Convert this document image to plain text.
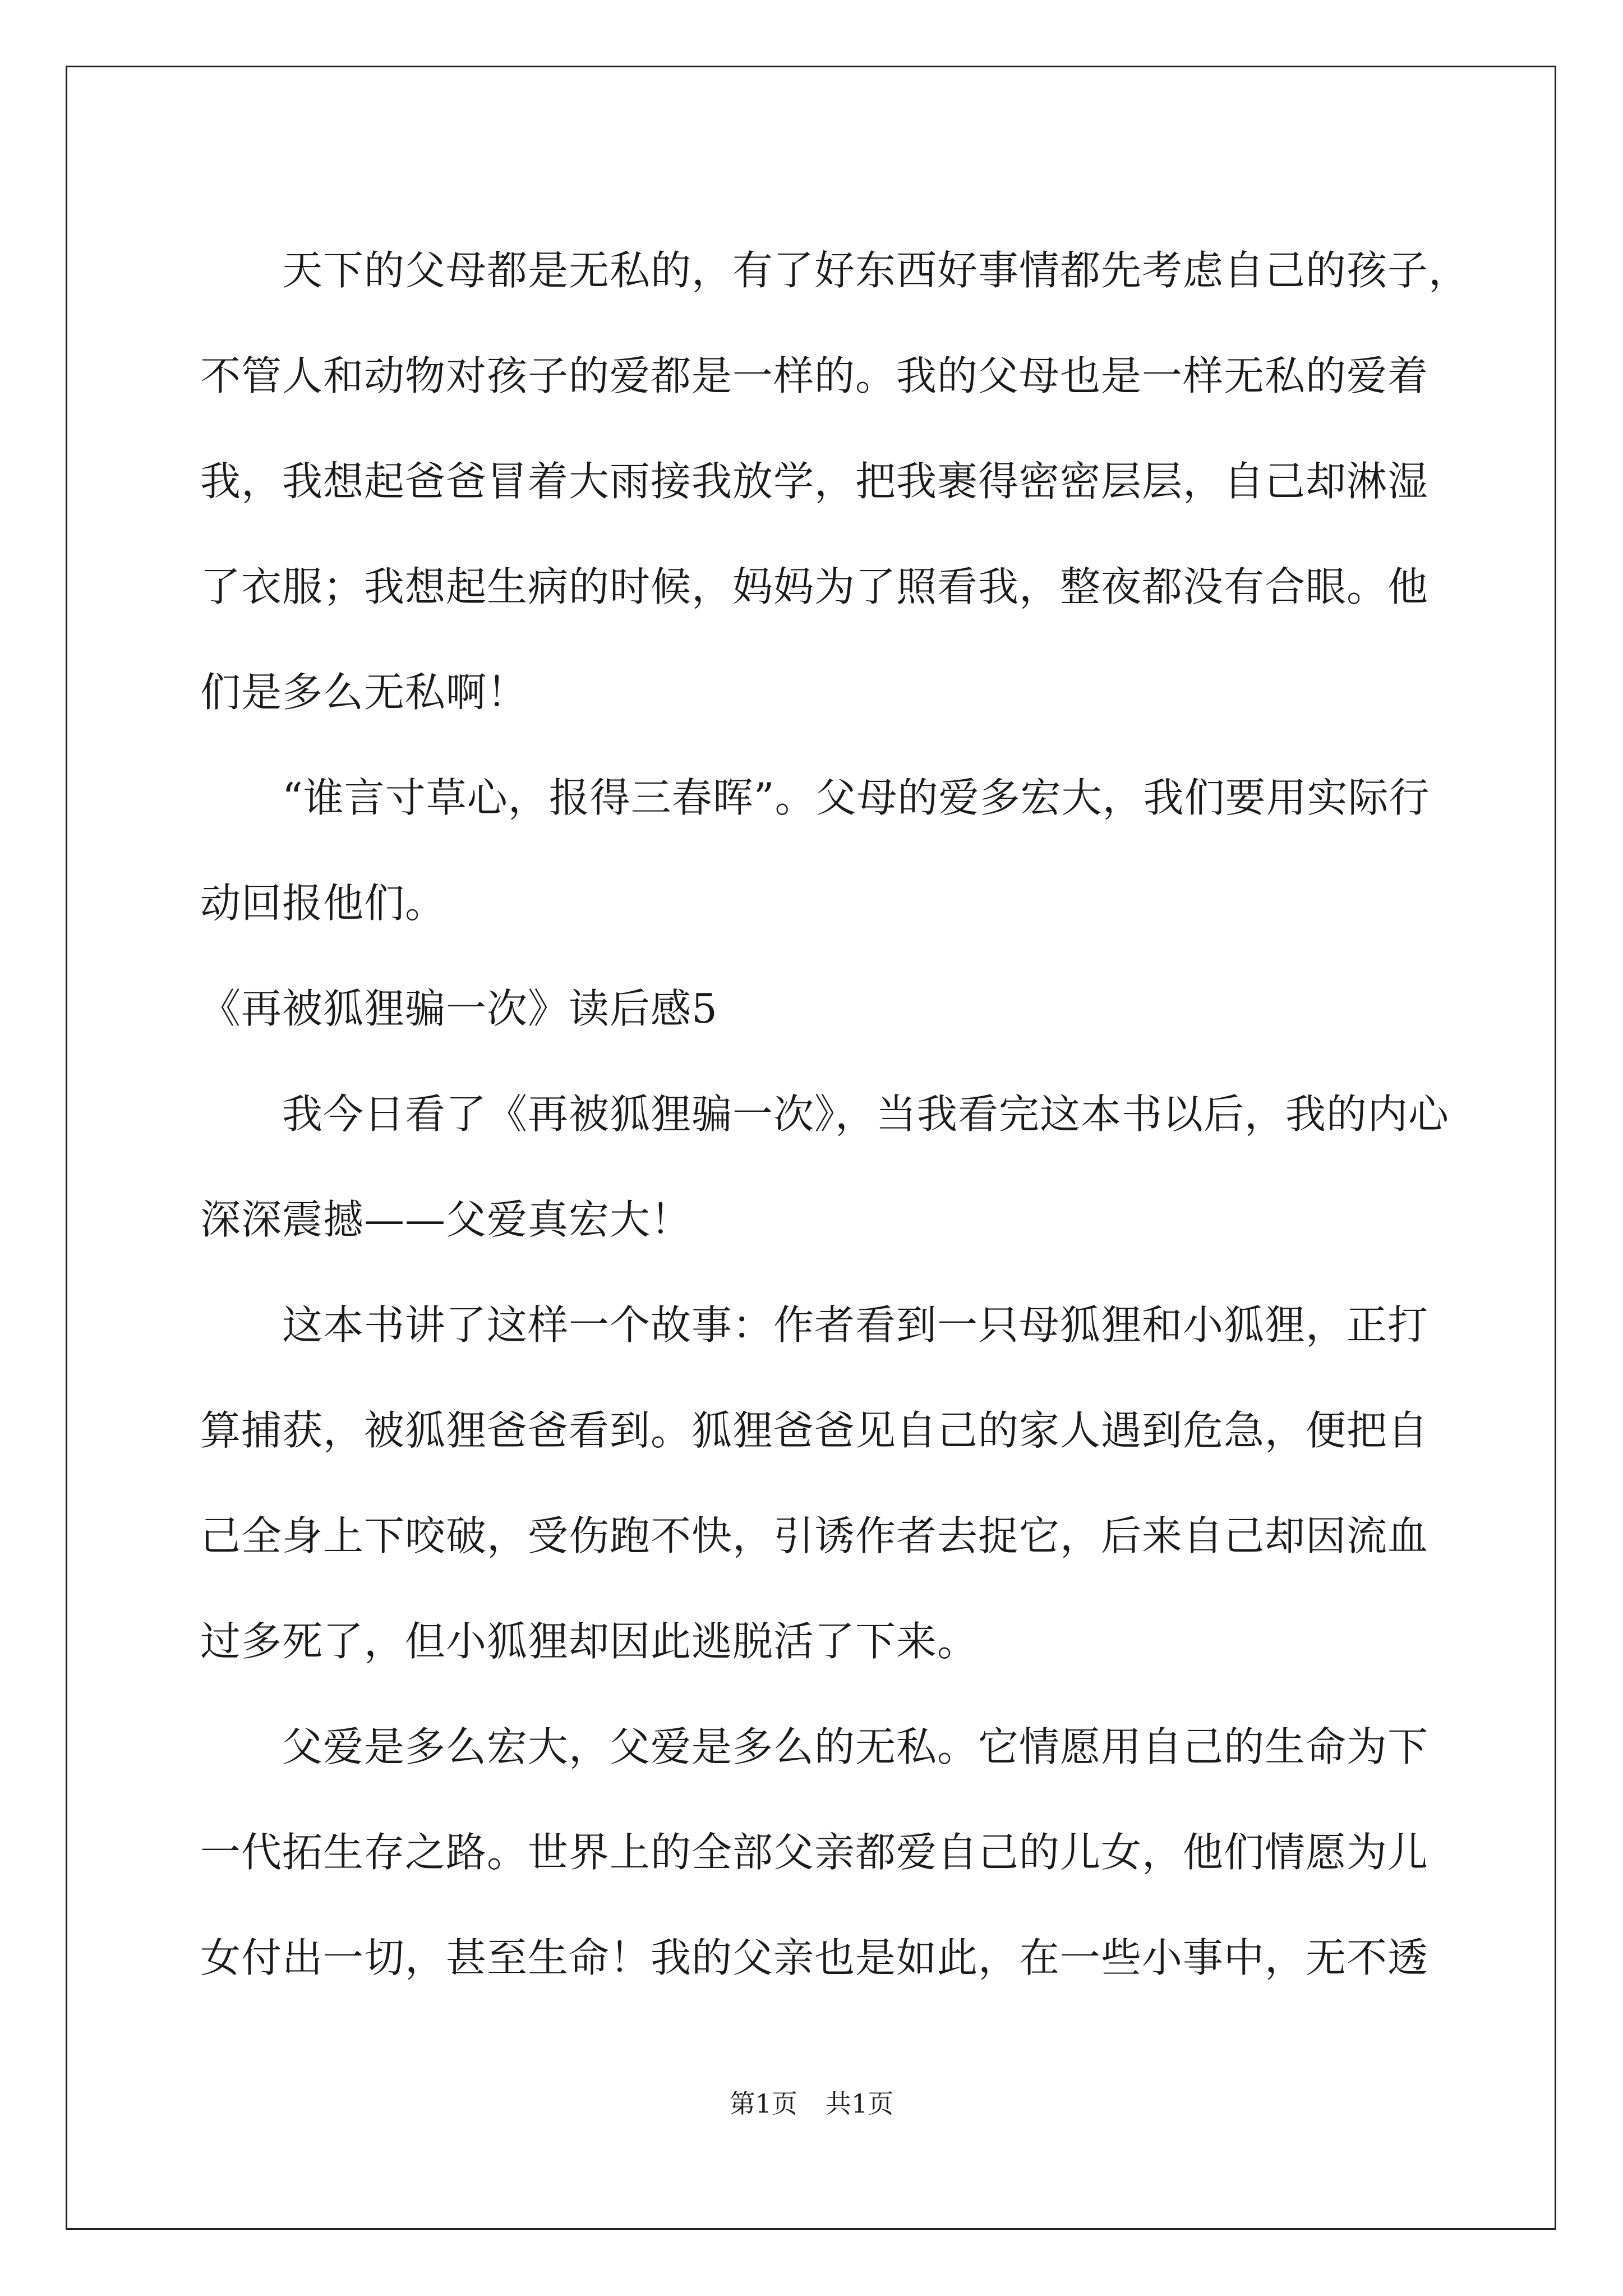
天下的父母都是无私的，有了好东西好事情都先考虑自己的孩子，
不管人和动物对孩子的爱都是一样的。我的父母也是一样无私的爱着
我，我想起爸爸冒着大雨接我放学，把我裹得密密层层，自己却淋湿
了衣服；我想起生病的时候，妈妈为了照看我，整夜都没有合眼。他
们是多么无私啊！
“谁言寸草心，报得三春晖”。父母的爱多宏大，我们要用实际行
动回报他们。
《再被狐狸骗一次》读后感5
我今日看了《再被狐狸骗一次》，当我看完这本书以后，我的内心
深深震撼——父爱真宏大！
这本书讲了这样一个故事：作者看到一只母狐狸和小狐狸，正打
算捕获，被狐狸爸爸看到。狐狸爸爸见自己的家人遇到危急，便把自
己全身上下咬破，受伤跑不快，引诱作者去捉它，后来自己却因流血
过多死了，但小狐狸却因此逃脱活了下来。
父爱是多么宏大，父爱是多么的无私。它情愿用自己的生命为下
一代拓生存之路。世界上的全部父亲都爱自己的儿女，他们情愿为儿
女付出一切，甚至生命！我的父亲也是如此，在一些小事中，无不透
第1页 共1页
